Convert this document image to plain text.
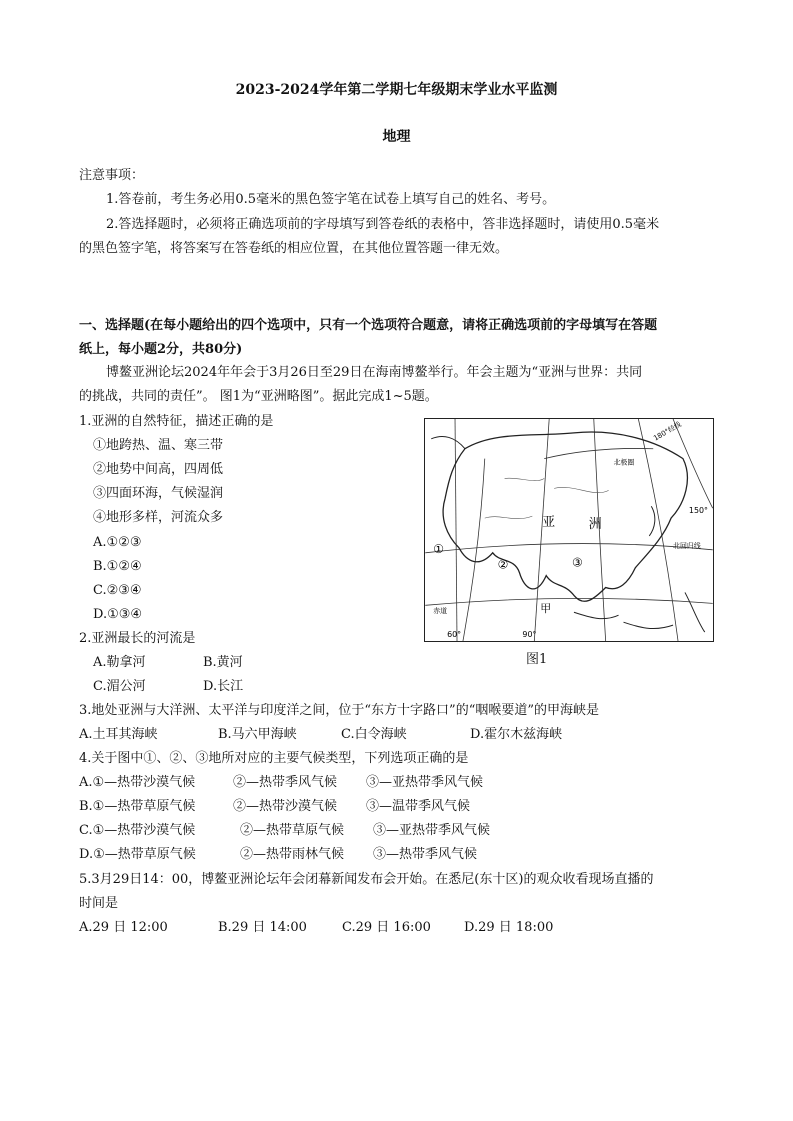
2023-2024学年第二学期七年级期末学业水平监测
地理
注意事项：
1.答卷前，考生务必用0.5毫米的黑色签字笔在试卷上填写自己的姓名、考号。
2.答选择题时，必须将正确选项前的字母填写到答卷纸的表格中，答非选择题时，请使用0.5毫米
的黑色签字笔，将答案写在答卷纸的相应位置，在其他位置答题一律无效。
一、选择题(在每小题给出的四个选项中，只有一个选项符合题意，请将正确选项前的字母填写在答题
纸上，每小题2分，共80分)
博鳌亚洲论坛2024年年会于3月26日至29日在海南博鳌举行。年会主题为“亚洲与世界：共同
的挑战，共同的责任”。 图1为“亚洲略图”。据此完成1~5题。
1.亚洲的自然特征，描述正确的是
①地跨热、温、寒三带
②地势中间高，四周低
③四面环海，气候湿润
④地形多样，河流众多
A.①②③
B.①②④
C.②③④
D.①③④
2.亚洲最长的河流是
A.勒拿河	B.黄河
C.湄公河	D.长江
亚	洲
北极圈
北回归线
赤道
60°	90°
150°
180°经线
甲
①
②	③
图1
3.地处亚洲与大洋洲、太平洋与印度洋之间，位于“东方十字路口”的“咽喉要道”的甲海峡是
A.土耳其海峡	B.马六甲海峡	C.白令海峡	D.霍尔木兹海峡
4.关于图中①、②、③地所对应的主要气候类型，下列选项正确的是
A.①—热带沙漠气候	②—热带季风气候 ③—亚热带季风气候
B.①—热带草原气候	②—热带沙漠气候 ③—温带季风气候
C.①—热带沙漠气候	②—热带草原气候 ③—亚热带季风气候
D.①—热带草原气候	②—热带雨林气候 ③—热带季风气候
5.3月29日14：00，博鳌亚洲论坛年会闭幕新闻发布会开始。在悉尼(东十区)的观众收看现场直播的
时间是
A.29 日 12:00	B.29 日 14:00	C.29 日 16:00	D.29 日 18:00
